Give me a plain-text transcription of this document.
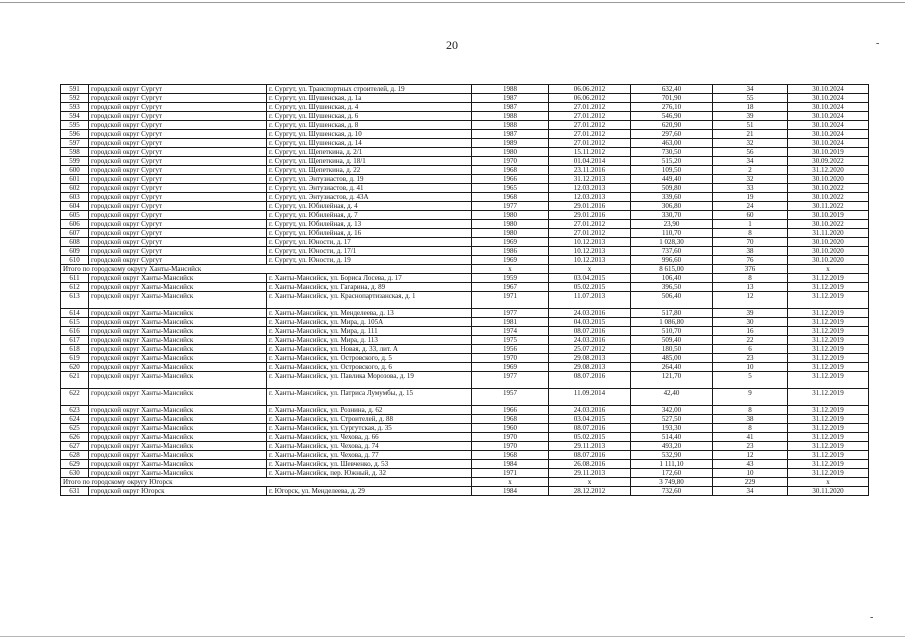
20	-
-
591	городской округ Сургут	г. Сургут, ул. Транспортных строителей, д. 19	1988	06.06.2012	632,40	34	30.10.2024
592	городской округ Сургут	г. Сургут, ул. Шушенская, д. 1а	1987	06.06.2012	701,90	55	30.10.2024
593	городской округ Сургут	г. Сургут, ул. Шушенская, д. 4	1987	27.01.2012	276,10	18	30.10.2024
594	городской округ Сургут	г. Сургут, ул. Шушенская, д. 6	1988	27.01.2012	546,90	39	30.10.2024
595	городской округ Сургут	г. Сургут, ул. Шушенская, д. 8	1988	27.01.2012	620,90	51	30.10.2024
596	городской округ Сургут	г. Сургут, ул. Шушенская, д. 10	1987	27.01.2012	297,60	21	30.10.2024
597	городской округ Сургут	г. Сургут, ул. Шушенская, д. 14	1989	27.01.2012	463,00	32	30.10.2024
598	городской округ Сургут	г. Сургут, ул. Щепеткина, д. 2/1	1980	15.11.2012	730,50	56	30.10.2019
599	городской округ Сургут	г. Сургут, ул. Щепеткина, д. 18/1	1970	01.04.2014	515,20	34	30.09.2022
600	городской округ Сургут	г. Сургут, ул. Щепеткина, д. 22	1968	23.11.2016	109,50	2	31.12.2020
601	городской округ Сургут	г. Сургут, ул. Энтузиастов, д. 19	1966	31.12.2013	449,40	32	30.10.2020
602	городской округ Сургут	г. Сургут, ул. Энтузиастов, д. 41	1965	12.03.2013	509,80	33	30.10.2022
603	городской округ Сургут	г. Сургут, ул. Энтузиастов, д. 43А	1968	12.03.2013	339,60	19	30.10.2022
604	городской округ Сургут	г. Сургут, ул. Юбилейная, д. 4	1977	29.01.2016	306,80	24	30.11.2022
605	городской округ Сургут	г. Сургут, ул. Юбилейная, д. 7	1980	29.01.2016	330,70	60	30.10.2019
606	городской округ Сургут	г. Сургут, ул. Юбилейная, д. 13	1980	27.01.2012	23,90	1	30.10.2022
607	городской округ Сургут	г. Сургут, ул. Юбилейная, д. 16	1980	27.01.2012	110,70	8	31.11.2020
608	городской округ Сургут	г. Сургут, ул. Юности, д. 17	1969	10.12.2013	1 028,30	70	30.10.2020
609	городской округ Сургут	г. Сургут, ул. Юности, д. 17/1	1986	10.12.2013	737,60	38	30.10.2020
610	городской округ Сургут	г. Сургут, ул. Юности, д. 19	1969	10.12.2013	996,60	76	30.10.2020
Итого по городскому округу Ханты-Мансийск			x	x	8 615,00	376	x
611	городской округ Ханты-Мансийск	г. Ханты-Мансийск, ул. Бориса Лосева, д. 17	1959	03.04.2015	106,40	8	31.12.2019
612	городской округ Ханты-Мансийск	г. Ханты-Мансийск, ул. Гагарина, д. 89	1967	05.02.2015	396,50	13	31.12.2019
613	городской округ Ханты-Мансийск	г. Ханты-Мансийск, ул. Краснопартизанская, д. 1	1971	11.07.2013	506,40	12	31.12.2019
614	городской округ Ханты-Мансийск	г. Ханты-Мансийск, ул. Менделеева, д. 13	1977	24.03.2016	517,80	39	31.12.2019
615	городской округ Ханты-Мансийск	г. Ханты-Мансийск, ул. Мира, д. 105А	1981	04.03.2015	1 086,80	30	31.12.2019
616	городской округ Ханты-Мансийск	г. Ханты-Мансийск, ул. Мира, д. 111	1974	08.07.2016	510,70	16	31.12.2019
617	городской округ Ханты-Мансийск	г. Ханты-Мансийск, ул. Мира, д. 113	1975	24.03.2016	509,40	22	31.12.2019
618	городской округ Ханты-Мансийск	г. Ханты-Мансийск, ул. Новая, д. 33, лит. А	1956	25.07.2012	180,50	6	31.12.2019
619	городской округ Ханты-Мансийск	г. Ханты-Мансийск, ул. Островского, д. 5	1970	29.08.2013	485,00	23	31.12.2019
620	городской округ Ханты-Мансийск	г. Ханты-Мансийск, ул. Островского, д. 6	1969	29.08.2013	264,40	10	31.12.2019
621	городской округ Ханты-Мансийск	г. Ханты-Мансийск, ул. Павлика Морозова, д. 19	1977	08.07.2016	121,70	5	31.12.2019
622	городской округ Ханты-Мансийск	г. Ханты-Мансийск, ул. Патриса Лумумбы, д. 15	1957	11.09.2014	42,40	9	31.12.2019
623	городской округ Ханты-Мансийск	г. Ханты-Мансийск, ул. Рознина, д. 62	1966	24.03.2016	342,00	8	31.12.2019
624	городской округ Ханты-Мансийск	г. Ханты-Мансийск, ул. Строителей, д. 88	1968	03.04.2015	527,50	38	31.12.2019
625	городской округ Ханты-Мансийск	г. Ханты-Мансийск, ул. Сургутская, д. 35	1960	08.07.2016	193,30	8	31.12.2019
626	городской округ Ханты-Мансийск	г. Ханты-Мансийск, ул. Чехова, д. 66	1970	05.02.2015	514,40	41	31.12.2019
627	городской округ Ханты-Мансийск	г. Ханты-Мансийск, ул. Чехова, д. 74	1970	29.11.2013	493,20	23	31.12.2019
628	городской округ Ханты-Мансийск	г. Ханты-Мансийск, ул. Чехова, д. 77	1968	08.07.2016	532,90	12	31.12.2019
629	городской округ Ханты-Мансийск	г. Ханты-Мансийск, ул. Шевченко, д. 53	1984	26.08.2016	1 111,10	43	31.12.2019
630	городской округ Ханты-Мансийск	г. Ханты-Мансийск, пер. Южный, д. 32	1971	29.11.2013	172,60	10	31.12.2019
Итого по городскому округу Югорск			x	x	3 749,80	229	x
631	городской округ Югорск	г. Югорск, ул. Менделеева, д. 29	1984	28.12.2012	732,60	34	30.11.2020
